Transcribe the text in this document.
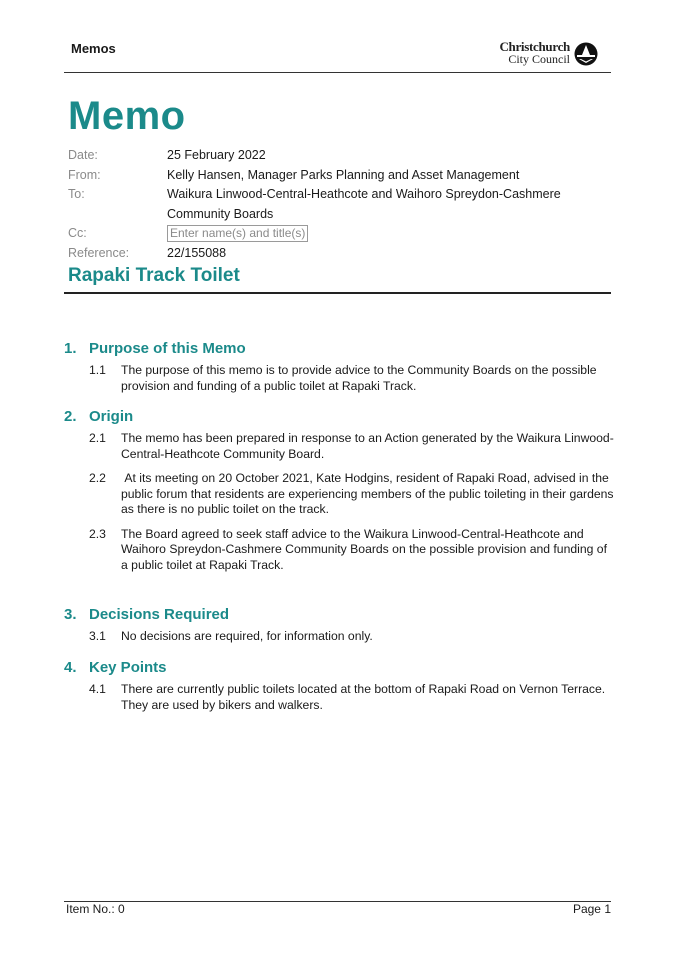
Memos	Christchurch
City Council
Memo
Date:	25 February 2022
From:	Kelly Hansen, Manager Parks Planning and Asset Management
To:	Waikura Linwood-Central-Heathcote and Waihoro Spreydon-Cashmere Community Boards
Cc:	Enter name(s) and title(s)
Reference:	22/155088
Rapaki Track Toilet
1. Purpose of this Memo
1.1	The purpose of this memo is to provide advice to the Community Boards on the possible provision and funding of a public toilet at Rapaki Track.
2. Origin
2.1	The memo has been prepared in response to an Action generated by the Waikura Linwood-Central-Heathcote Community Board.
2.2	At its meeting on 20 October 2021, Kate Hodgins, resident of Rapaki Road, advised in the public forum that residents are experiencing members of the public toileting in their gardens as there is no public toilet on the track.
2.3	The Board agreed to seek staff advice to the Waikura Linwood-Central-Heathcote and Waihoro Spreydon-Cashmere Community Boards on the possible provision and funding of a public toilet at Rapaki Track.
3. Decisions Required
3.1	No decisions are required, for information only.
4. Key Points
4.1	There are currently public toilets located at the bottom of Rapaki Road on Vernon Terrace. They are used by bikers and walkers.
Item No.: 0	Page 1
